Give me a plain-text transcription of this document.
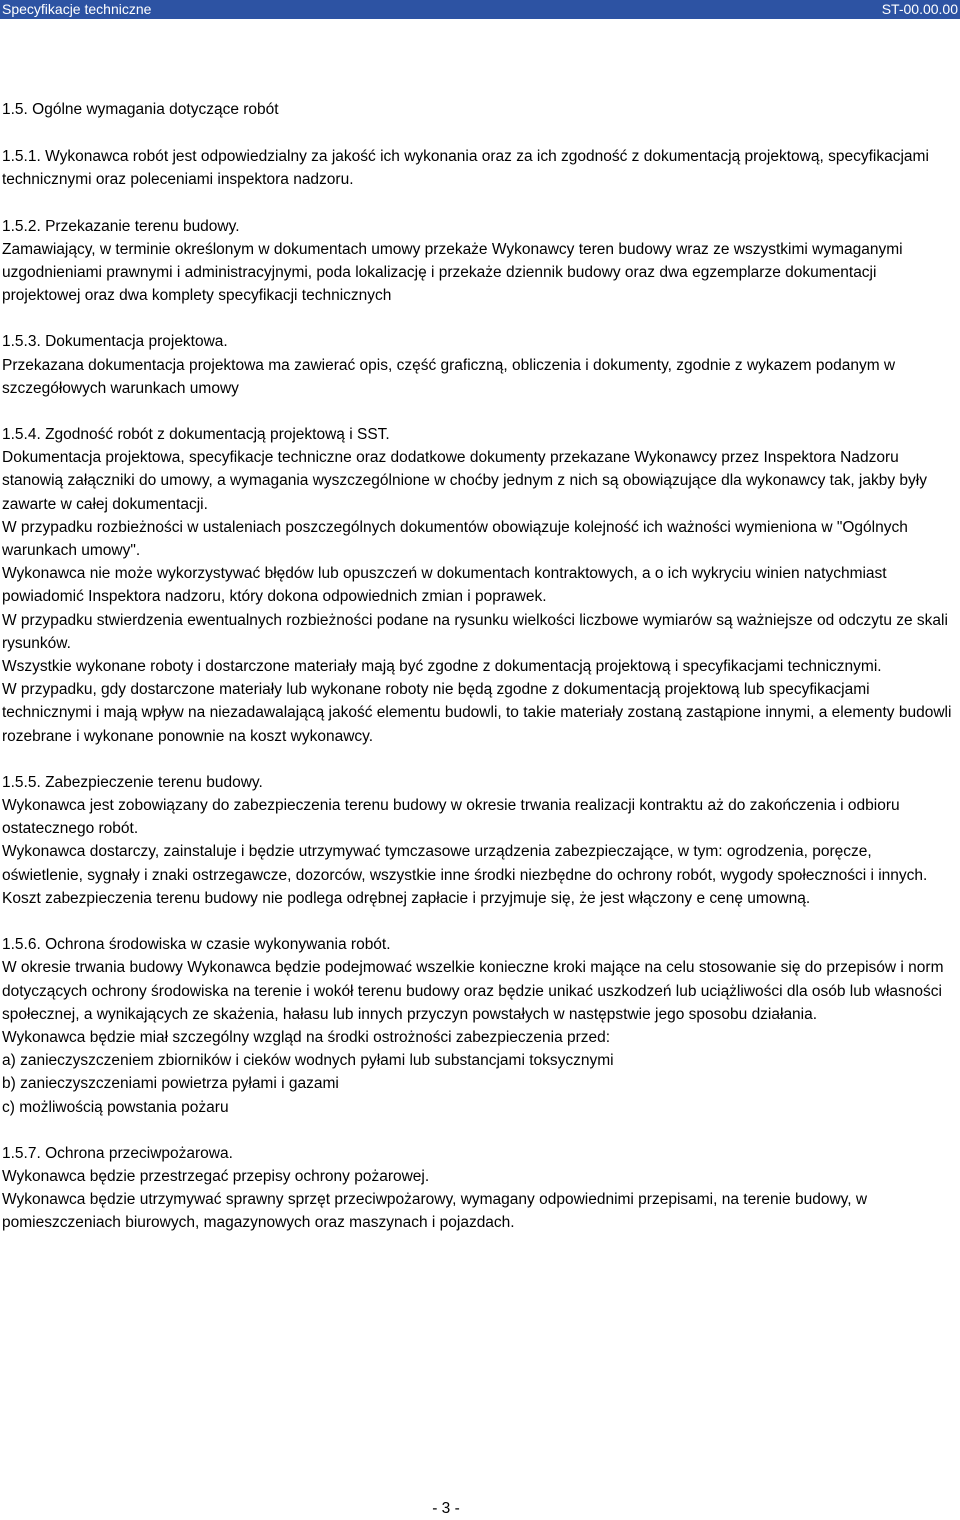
Specyfikacje techniczne	ST-00.00.00

1.5. Ogólne wymagania dotyczące robót

1.5.1. Wykonawca robót jest odpowiedzialny za jakość ich wykonania oraz za ich zgodność z dokumentacją projektową, specyfikacjami technicznymi oraz poleceniami inspektora nadzoru.

1.5.2. Przekazanie terenu budowy.

Zamawiający, w terminie określonym w dokumentach umowy przekaże Wykonawcy teren budowy wraz ze wszystkimi wymaganymi uzgodnieniami prawnymi i administracyjnymi, poda lokalizację i przekaże dziennik budowy oraz dwa egzemplarze dokumentacji projektowej oraz dwa komplety specyfikacji technicznych

1.5.3. Dokumentacja projektowa.

Przekazana dokumentacja projektowa ma zawierać opis, część graficzną, obliczenia i dokumenty, zgodnie z wykazem podanym w szczegółowych warunkach umowy

1.5.4. Zgodność robót z dokumentacją projektową i SST.

Dokumentacja projektowa, specyfikacje techniczne oraz dodatkowe dokumenty przekazane Wykonawcy przez Inspektora Nadzoru stanowią załączniki do umowy, a wymagania wyszczególnione w choćby jednym z nich są obowiązujące dla wykonawcy tak, jakby były zawarte w całej dokumentacji.

W przypadku rozbieżności w ustaleniach poszczególnych dokumentów obowiązuje kolejność ich ważności wymieniona w "Ogólnych warunkach umowy".

Wykonawca nie może wykorzystywać błędów lub opuszczeń w dokumentach kontraktowych, a o ich wykryciu winien natychmiast powiadomić Inspektora nadzoru, który dokona odpowiednich zmian i poprawek.

W przypadku stwierdzenia ewentualnych rozbieżności podane na rysunku wielkości liczbowe wymiarów są ważniejsze od odczytu ze skali rysunków.

Wszystkie wykonane roboty i dostarczone materiały mają być zgodne z dokumentacją projektową i specyfikacjami technicznymi.

W przypadku, gdy dostarczone materiały lub wykonane roboty nie będą zgodne z dokumentacją projektową lub specyfikacjami technicznymi i mają wpływ na niezadawalającą jakość elementu budowli, to takie materiały zostaną zastąpione innymi, a elementy budowli rozebrane i wykonane ponownie na koszt wykonawcy.

1.5.5. Zabezpieczenie terenu budowy.

Wykonawca jest zobowiązany do zabezpieczenia terenu budowy w okresie trwania realizacji kontraktu aż do zakończenia i odbioru ostatecznego robót.

Wykonawca dostarczy, zainstaluje i będzie utrzymywać tymczasowe urządzenia zabezpieczające, w tym: ogrodzenia, poręcze, oświetlenie, sygnały i znaki ostrzegawcze, dozorców, wszystkie inne środki niezbędne do ochrony robót, wygody społeczności i innych.

Koszt zabezpieczenia terenu budowy nie podlega odrębnej zapłacie i przyjmuje się, że jest włączony e cenę umowną.

1.5.6. Ochrona środowiska w czasie wykonywania robót.

W okresie trwania budowy Wykonawca będzie podejmować wszelkie konieczne kroki mające na celu stosowanie się do przepisów i norm dotyczących ochrony środowiska na terenie i wokół terenu budowy oraz będzie unikać uszkodzeń lub uciążliwości dla osób lub własności społecznej, a wynikających ze skażenia, hałasu lub innych przyczyn powstałych w następstwie jego sposobu działania.

Wykonawca będzie miał szczególny wzgląd na środki ostrożności zabezpieczenia przed:

a) zanieczyszczeniem zbiorników i cieków wodnych pyłami lub substancjami toksycznymi

b) zanieczyszczeniami powietrza pyłami i gazami

c) możliwością powstania pożaru

1.5.7. Ochrona przeciwpożarowa.

Wykonawca będzie przestrzegać przepisy ochrony pożarowej.

Wykonawca będzie utrzymywać sprawny sprzęt przeciwpożarowy, wymagany odpowiednimi przepisami, na terenie budowy, w pomieszczeniach biurowych, magazynowych oraz maszynach i pojazdach.

- 3 -
